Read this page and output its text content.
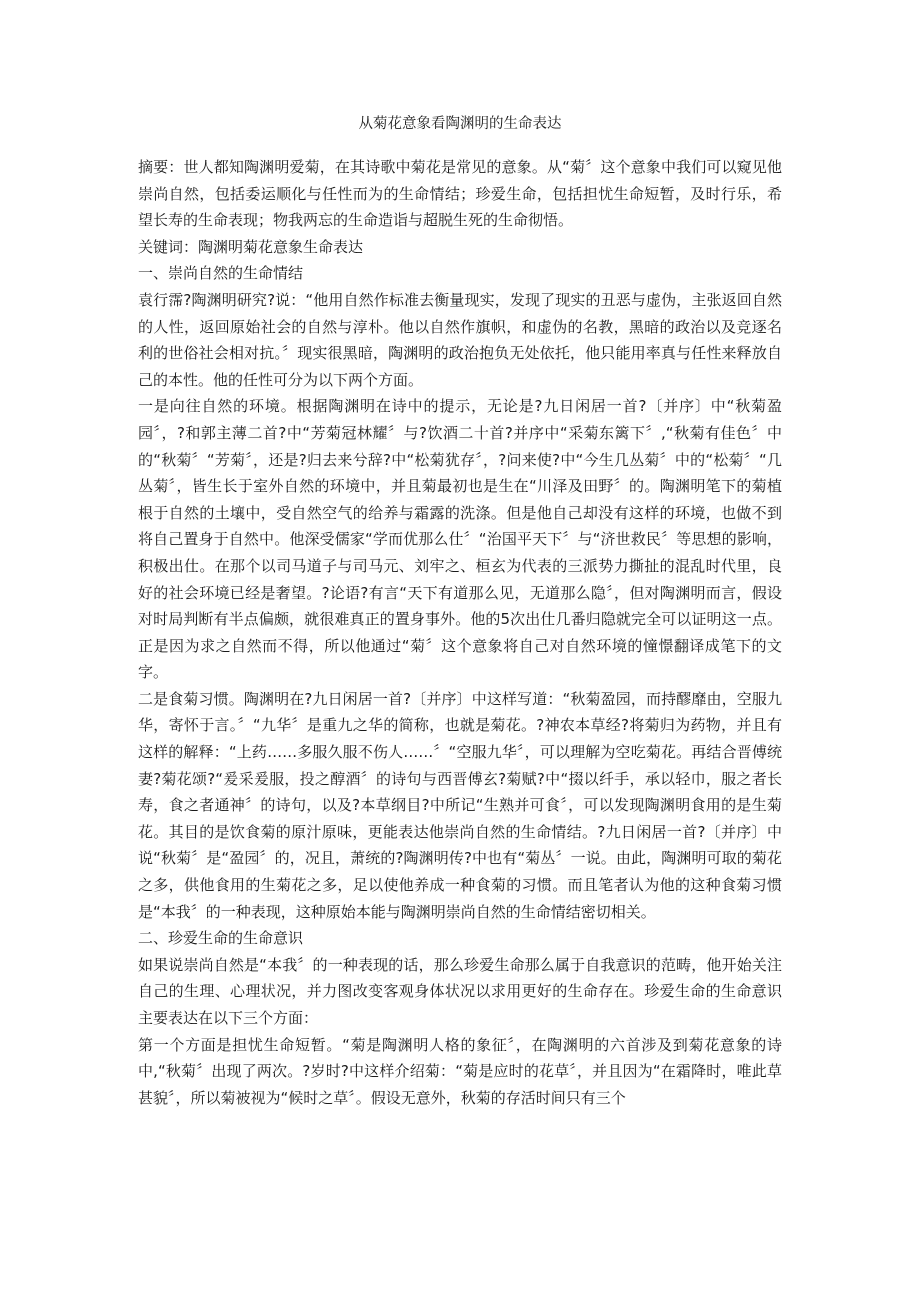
从菊花意象看陶渊明的生命表达

摘要：世人都知陶渊明爱菊，在其诗歌中菊花是常见的意象。从“菊〞这个意象中我们可以窥见他崇尚自然，包括委运顺化与任性而为的生命情结；珍爱生命，包括担忧生命短暂，及时行乐，希望长寿的生命表现；物我两忘的生命造诣与超脱生死的生命彻悟。

关键词：陶渊明菊花意象生命表达

一、崇尚自然的生命情结

袁行霈?陶渊明研究?说：“他用自然作标准去衡量现实，发现了现实的丑恶与虚伪，主张返回自然的人性，返回原始社会的自然与淳朴。他以自然作旗帜，和虚伪的名教，黑暗的政治以及竞逐名利的世俗社会相对抗。〞现实很黑暗，陶渊明的政治抱负无处依托，他只能用率真与任性来释放自己的本性。他的任性可分为以下两个方面。

一是向往自然的环境。根据陶渊明在诗中的提示，无论是?九日闲居一首?〔并序〕中“秋菊盈园〞，?和郭主薄二首?中“芳菊冠林耀〞与?饮酒二十首?并序中“采菊东篱下〞,“秋菊有佳色〞中的“秋菊〞“芳菊〞，还是?归去来兮辞?中“松菊犹存〞，?问来使?中“今生几丛菊〞中的“松菊〞“几丛菊〞，皆生长于室外自然的环境中，并且菊最初也是生在“川泽及田野〞的。陶渊明笔下的菊植根于自然的土壤中，受自然空气的给养与霜露的洗涤。但是他自己却没有这样的环境，也做不到将自己置身于自然中。他深受儒家“学而优那么仕〞“治国平天下〞与“济世救民〞等思想的影响，积极出仕。在那个以司马道子与司马元、刘牢之、桓玄为代表的三派势力撕扯的混乱时代里，良好的社会环境已经是奢望。?论语?有言“天下有道那么见，无道那么隐〞，但对陶渊明而言，假设对时局判断有半点偏颇，就很难真正的置身事外。他的5次出仕几番归隐就完全可以证明这一点。正是因为求之自然而不得，所以他通过“菊〞这个意象将自己对自然环境的憧憬翻译成笔下的文字。

二是食菊习惯。陶渊明在?九日闲居一首?〔并序〕中这样写道：“秋菊盈园，而持醪靡由，空服九华，寄怀于言。〞“九华〞是重九之华的简称，也就是菊花。?神农本草经?将菊归为药物，并且有这样的解释：“上药……多服久服不伤人……〞“空服九华〞，可以理解为空吃菊花。再结合晋傅统妻?菊花颂?“爰采爰服，投之醇酒〞的诗句与西晋傅玄?菊赋?中“掇以纤手，承以轻巾，服之者长寿，食之者通神〞的诗句，以及?本草纲目?中所记“生熟并可食〞，可以发现陶渊明食用的是生菊花。其目的是饮食菊的原汁原味，更能表达他崇尚自然的生命情结。?九日闲居一首?〔并序〕中说“秋菊〞是“盈园〞的，况且，萧统的?陶渊明传?中也有“菊丛〞一说。由此，陶渊明可取的菊花之多，供他食用的生菊花之多，足以使他养成一种食菊的习惯。而且笔者认为他的这种食菊习惯是“本我〞的一种表现，这种原始本能与陶渊明崇尚自然的生命情结密切相关。

二、珍爱生命的生命意识

如果说崇尚自然是“本我〞的一种表现的话，那么珍爱生命那么属于自我意识的范畴，他开始关注自己的生理、心理状况，并力图改变客观身体状况以求用更好的生命存在。珍爱生命的生命意识主要表达在以下三个方面：

第一个方面是担忧生命短暂。“菊是陶渊明人格的象征〞，在陶渊明的六首涉及到菊花意象的诗中,“秋菊〞出现了两次。?岁时?中这样介绍菊：“菊是应时的花草〞，并且因为“在霜降时，唯此草甚貌〞，所以菊被视为“候时之草〞。假设无意外，秋菊的存活时间只有三个
